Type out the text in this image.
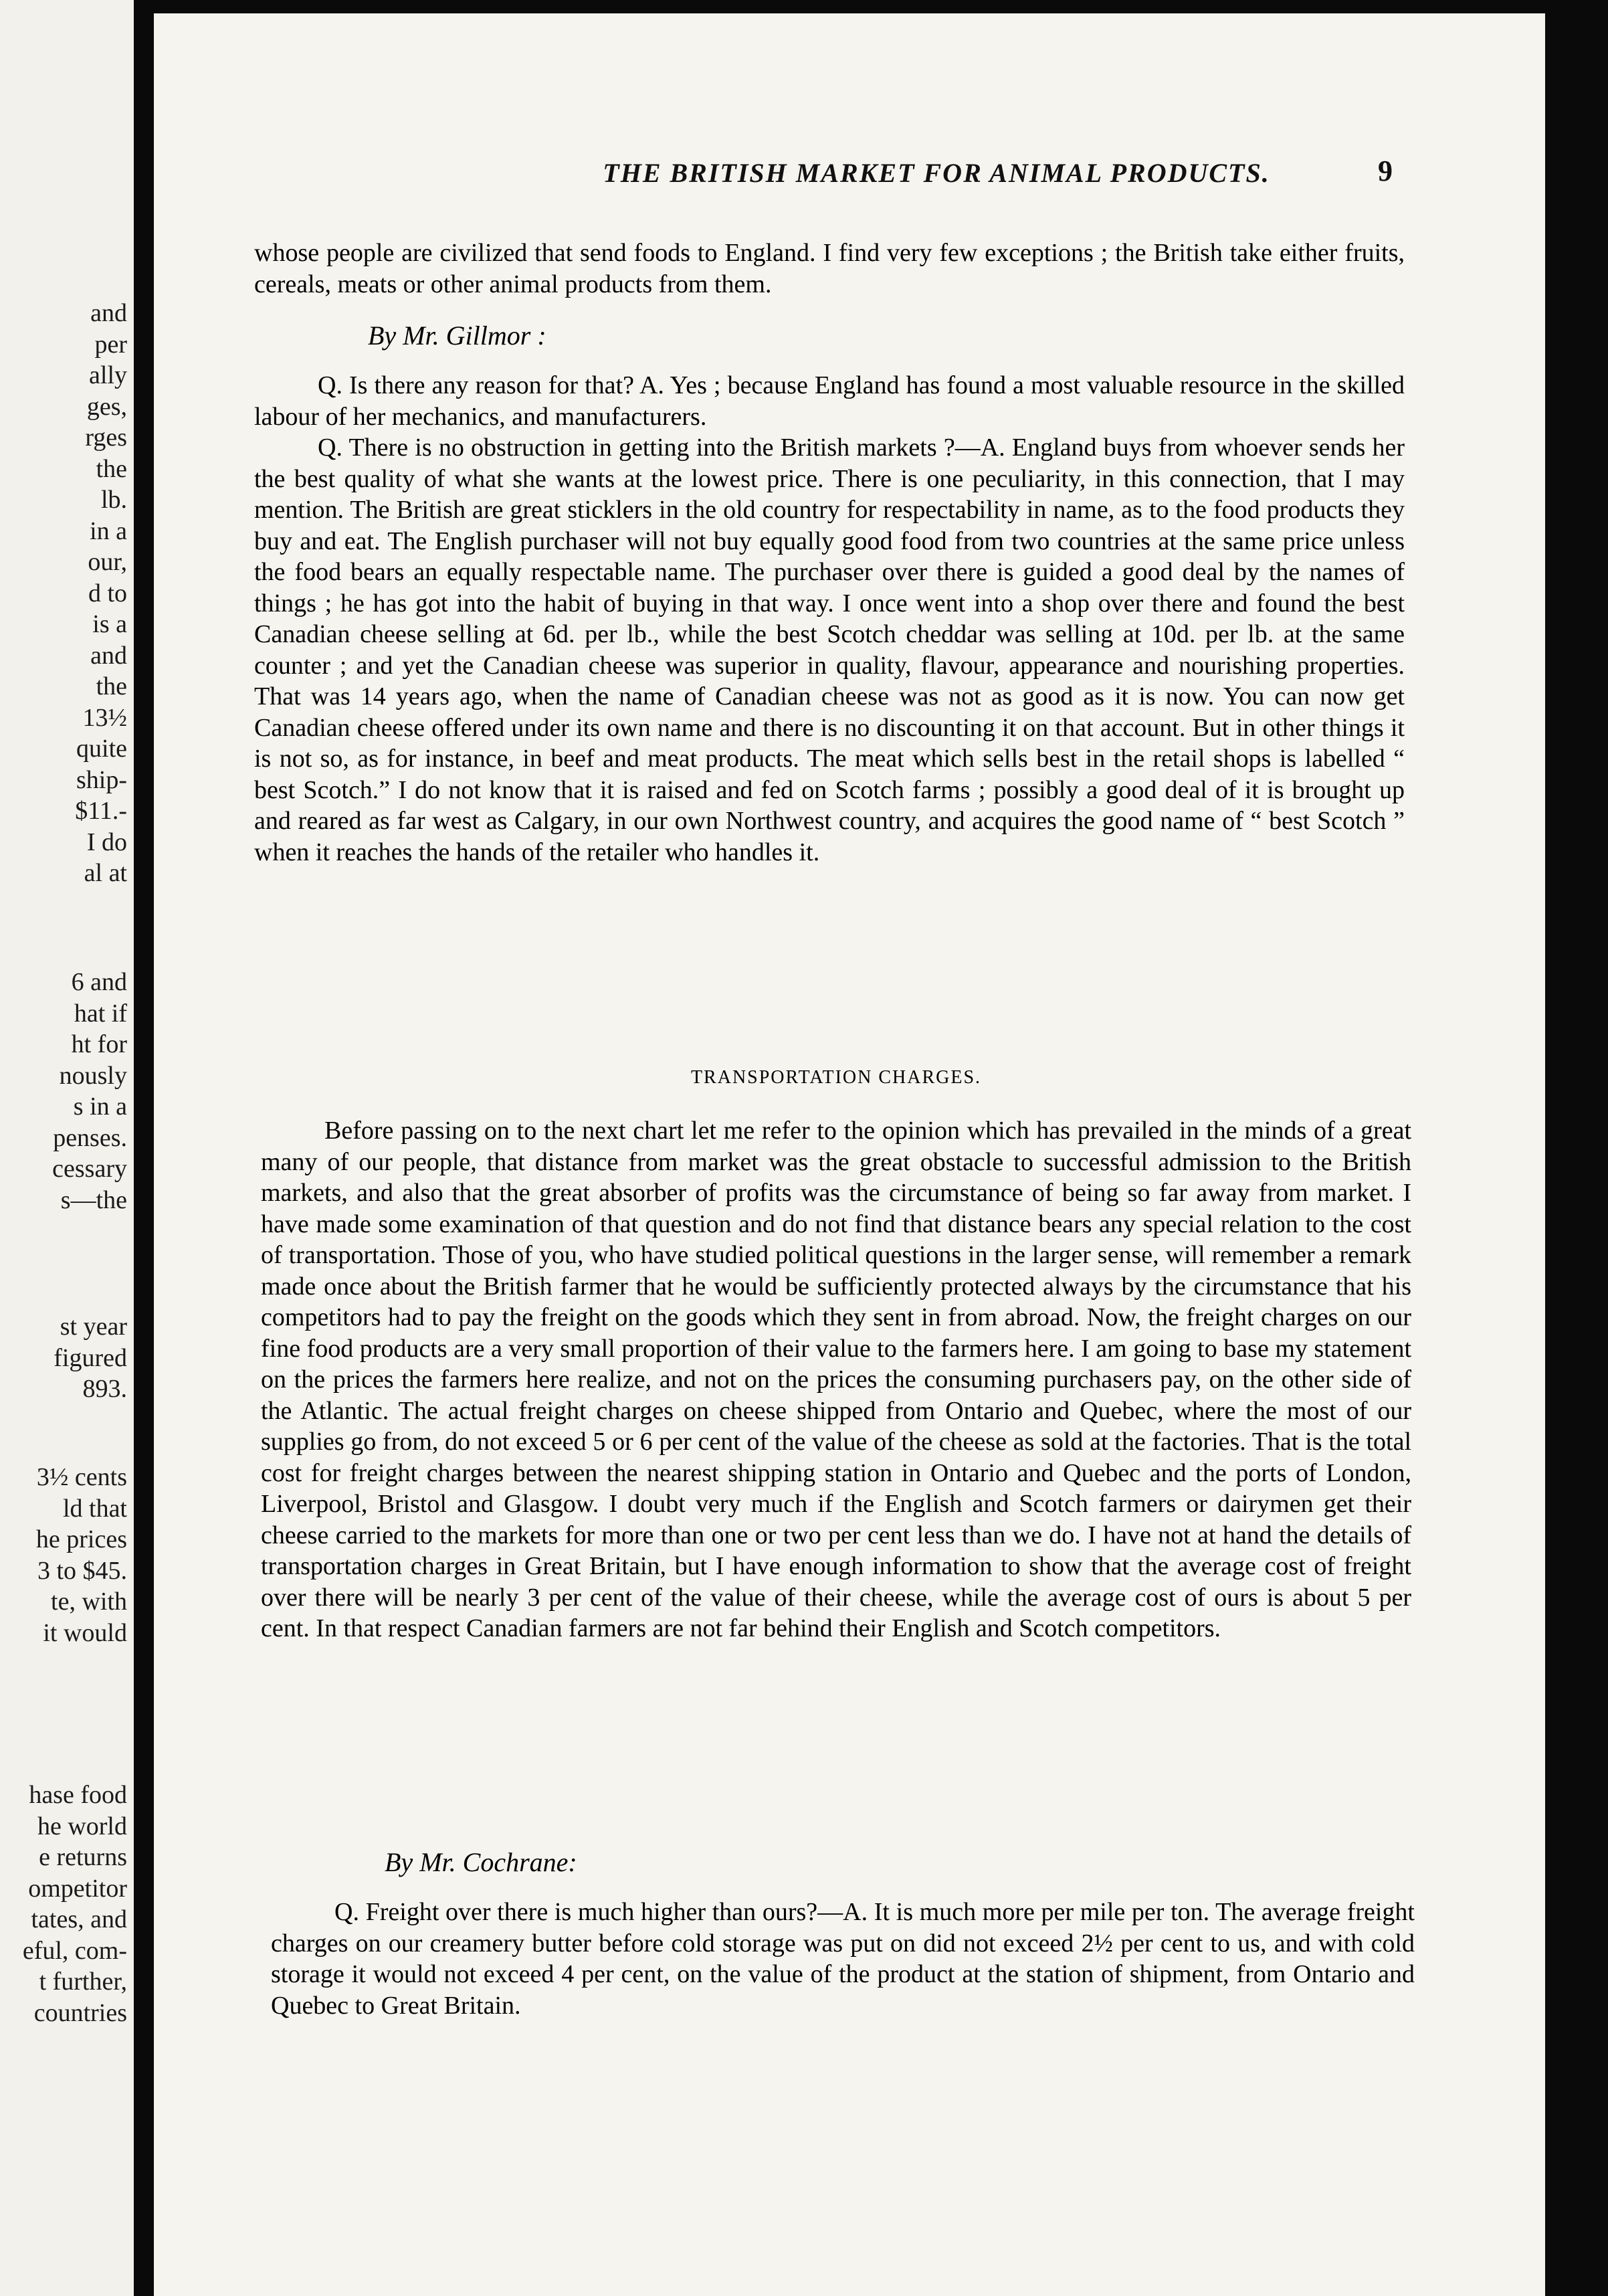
and
per
ally
ges,
rges
the
lb.
in a
our,
d to
is a
and
the
13½
quite
ship-
$11.-
I do
al at
6 and
hat if
ht for
nously
s in a
penses.
cessary
s—the
st year
figured
893.
3½ cents
ld that
he prices
3 to $45.
te, with
it would
hase food
he world
e returns
ompetitor
tates, and
eful, com-
t further,
countries
THE BRITISH MARKET FOR ANIMAL PRODUCTS.	9

whose people are civilized that send foods to England. I find very few exceptions ; the British take either fruits, cereals, meats or other animal products from them.

By Mr. Gillmor :

Q. Is there any reason for that? A. Yes ; because England has found a most valuable resource in the skilled labour of her mechanics, and manufacturers.

Q. There is no obstruction in getting into the British markets ?—A. England buys from whoever sends her the best quality of what she wants at the lowest price. There is one peculiarity, in this connection, that I may mention. The British are great sticklers in the old country for respectability in name, as to the food products they buy and eat. The English purchaser will not buy equally good food from two countries at the same price unless the food bears an equally respectable name. The purchaser over there is guided a good deal by the names of things ; he has got into the habit of buying in that way. I once went into a shop over there and found the best Canadian cheese selling at 6d. per lb., while the best Scotch cheddar was selling at 10d. per lb. at the same counter ; and yet the Canadian cheese was superior in quality, flavour, appearance and nourishing properties. That was 14 years ago, when the name of Canadian cheese was not as good as it is now. You can now get Canadian cheese offered under its own name and there is no discounting it on that account. But in other things it is not so, as for instance, in beef and meat products. The meat which sells best in the retail shops is labelled “ best Scotch.” I do not know that it is raised and fed on Scotch farms ; possibly a good deal of it is brought up and reared as far west as Calgary, in our own Northwest country, and acquires the good name of “ best Scotch ” when it reaches the hands of the retailer who handles it.

TRANSPORTATION CHARGES.

Before passing on to the next chart let me refer to the opinion which has prevailed in the minds of a great many of our people, that distance from market was the great obstacle to successful admission to the British markets, and also that the great absorber of profits was the circumstance of being so far away from market. I have made some examination of that question and do not find that distance bears any special relation to the cost of transportation. Those of you, who have studied political questions in the larger sense, will remember a remark made once about the British farmer that he would be sufficiently protected always by the circumstance that his competitors had to pay the freight on the goods which they sent in from abroad. Now, the freight charges on our fine food products are a very small proportion of their value to the farmers here. I am going to base my statement on the prices the farmers here realize, and not on the prices the consuming purchasers pay, on the other side of the Atlantic. The actual freight charges on cheese shipped from Ontario and Quebec, where the most of our supplies go from, do not exceed 5 or 6 per cent of the value of the cheese as sold at the factories. That is the total cost for freight charges between the nearest shipping station in Ontario and Quebec and the ports of London, Liverpool, Bristol and Glasgow. I doubt very much if the English and Scotch farmers or dairymen get their cheese carried to the markets for more than one or two per cent less than we do. I have not at hand the details of transportation charges in Great Britain, but I have enough information to show that the average cost of freight over there will be nearly 3 per cent of the value of their cheese, while the average cost of ours is about 5 per cent. In that respect Canadian farmers are not far behind their English and Scotch competitors.

By Mr. Cochrane:

Q. Freight over there is much higher than ours?—A. It is much more per mile per ton. The average freight charges on our creamery butter before cold storage was put on did not exceed 2½ per cent to us, and with cold storage it would not exceed 4 per cent, on the value of the product at the station of shipment, from Ontario and Quebec to Great Britain.
